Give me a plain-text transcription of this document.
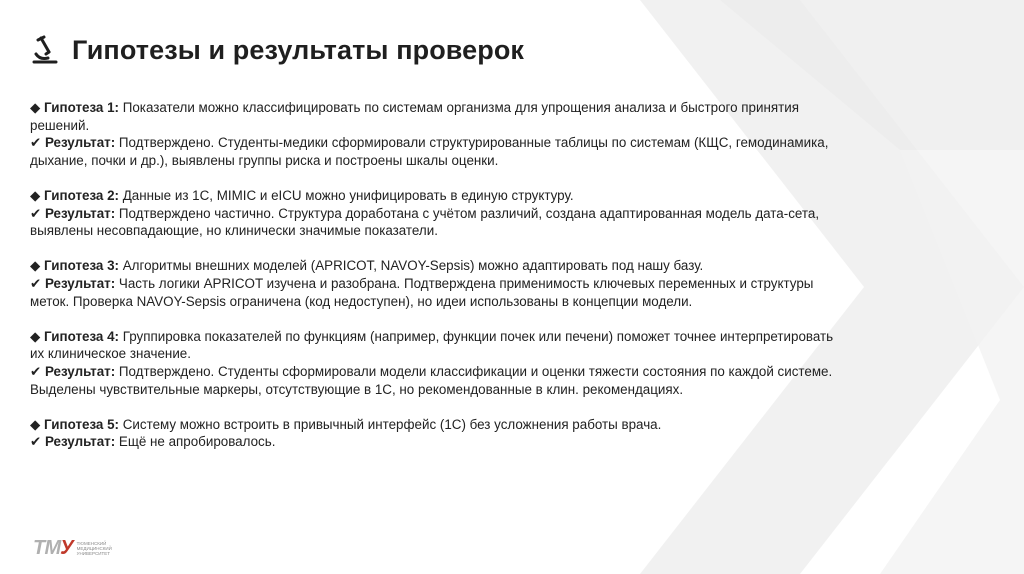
Гипотезы и результаты проверок
◆ Гипотеза 1: Показатели можно классифицировать по системам организма для упрощения анализа и быстрого принятия
решений.
✔ Результат: Подтверждено. Студенты-медики сформировали структурированные таблицы по системам (КЩС, гемодинамика,
дыхание, почки и др.), выявлены группы риска и построены шкалы оценки.
◆ Гипотеза 2: Данные из 1С, MIMIC и eICU можно унифицировать в единую структуру.
✔ Результат: Подтверждено частично. Структура доработана с учётом различий, создана адаптированная модель дата-сета,
выявлены несовпадающие, но клинически значимые показатели.
◆ Гипотеза 3: Алгоритмы внешних моделей (APRICOT, NAVOY-Sepsis) можно адаптировать под нашу базу.
✔ Результат: Часть логики APRICOT изучена и разобрана. Подтверждена применимость ключевых переменных и структуры
меток. Проверка NAVOY-Sepsis ограничена (код недоступен), но идеи использованы в концепции модели.
◆ Гипотеза 4: Группировка показателей по функциям (например, функции почек или печени) поможет точнее интерпретировать
их клиническое значение.
✔ Результат: Подтверждено. Студенты сформировали модели классификации и оценки тяжести состояния по каждой системе.
Выделены чувствительные маркеры, отсутствующие в 1С, но рекомендованные в клин. рекомендациях.
◆ Гипотеза 5: Систему можно встроить в привычный интерфейс (1С) без усложнения работы врача.
✔ Результат: Ещё не апробировалось.
ТМУ ТЮМЕНСКИЙ МЕДИЦИНСКИЙ УНИВЕРСИТЕТ
